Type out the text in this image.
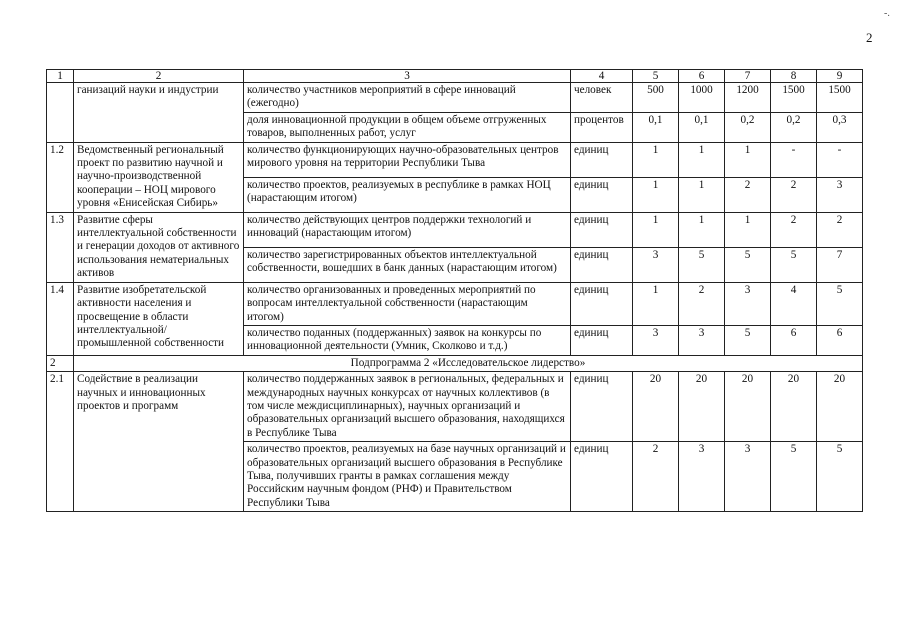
-.
2
1	2	3	4	5	6	7	8	9
	ганизаций науки и индустрии	количество участников мероприятий в сфере инноваций (ежегодно)	человек	500	1000	1200	1500	1500
		доля инновационной продукции в общем объеме отгруженных товаров, выполненных работ, услуг	процентов	0,1	0,1	0,2	0,2	0,3
1.2	Ведомственный региональный проект по развитию научной и научно-производственной кооперации – НОЦ мирового уровня «Енисейская Сибирь»	количество функционирующих научно-образовательных центров мирового уровня на территории Республики Тыва	единиц	1	1	1	-	-
		количество проектов, реализуемых в республике в рамках НОЦ (нарастающим итогом)	единиц	1	1	2	2	3
1.3	Развитие сферы интеллектуальной собственности и генерации доходов от активного использования нематериальных активов	количество действующих центров поддержки технологий и инноваций (нарастающим итогом)	единиц	1	1	1	2	2
		количество зарегистрированных объектов интеллектуальной собственности, вошедших в банк данных (нарастающим итогом)	единиц	3	5	5	5	7
1.4	Развитие изобретательской активности населения и просвещение в области интеллектуальной/промышленной собственности	количество организованных и проведенных мероприятий по вопросам интеллектуальной собственности (нарастающим итогом)	единиц	1	2	3	4	5
		количество поданных (поддержанных) заявок на конкурсы по инновационной деятельности (Умник, Сколково и т.д.)	единиц	3	3	5	6	6
2	Подпрограмма 2 «Исследовательское лидерство»							
2.1	Содействие в реализации научных и инновационных проектов и программ	количество поддержанных заявок в региональных, федеральных и международных научных конкурсах от научных коллективов (в том числе междисциплинарных), научных организаций и образовательных организаций высшего образования, находящихся в Республике Тыва	единиц	20	20	20	20	20
		количество проектов, реализуемых на базе научных организаций и образовательных организаций высшего образования в Республике Тыва, получивших гранты в рамках соглашения между Российским научным фондом (РНФ) и Правительством Республики Тыва	единиц	2	3	3	5	5
